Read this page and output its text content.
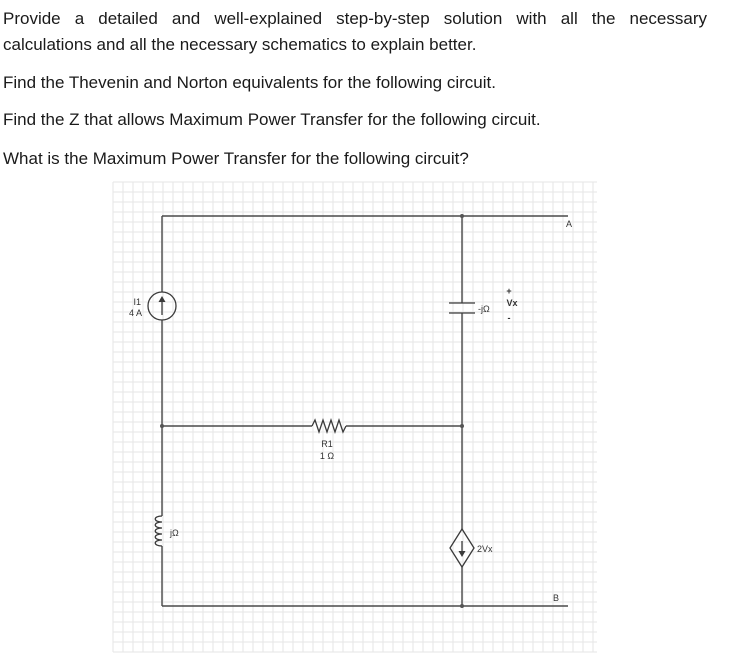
Provide a detailed and well-explained step-by-step solution with all the necessary
calculations and all the necessary schematics to explain better.

Find the Thevenin and Norton equivalents for the following circuit.

Find the Z that allows Maximum Power Transfer for the following circuit.

What is the Maximum Power Transfer for the following circuit?

I1
4 A
R1
1 Ω
jΩ
-jΩ
+
Vx
-
2Vx
A
B
